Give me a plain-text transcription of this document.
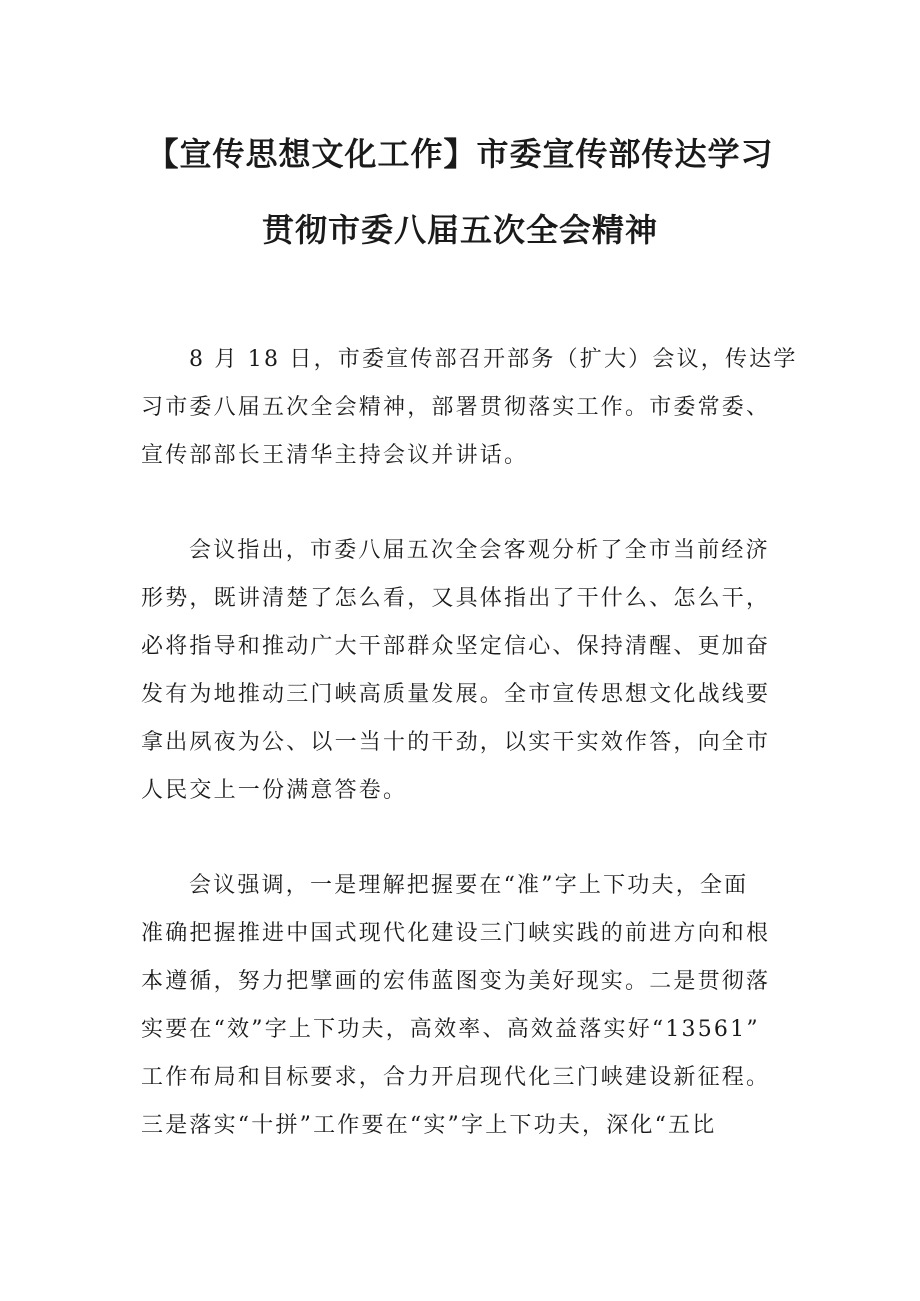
【宣传思想文化工作】市委宣传部传达学习
贯彻市委八届五次全会精神
8 月 18 日，市委宣传部召开部务（扩大）会议，传达学
习市委八届五次全会精神，部署贯彻落实工作。市委常委、
宣传部部长王清华主持会议并讲话。
会议指出，市委八届五次全会客观分析了全市当前经济
形势，既讲清楚了怎么看，又具体指出了干什么、怎么干，
必将指导和推动广大干部群众坚定信心、保持清醒、更加奋
发有为地推动三门峡高质量发展。全市宣传思想文化战线要
拿出夙夜为公、以一当十的干劲，以实干实效作答，向全市
人民交上一份满意答卷。
会议强调，一是理解把握要在“准”字上下功夫，全面
准确把握推进中国式现代化建设三门峡实践的前进方向和根
本遵循，努力把擘画的宏伟蓝图变为美好现实。二是贯彻落
实要在“效”字上下功夫，高效率、高效益落实好“13561”
工作布局和目标要求，合力开启现代化三门峡建设新征程。
三是落实“十拼”工作要在“实”字上下功夫，深化“五比
